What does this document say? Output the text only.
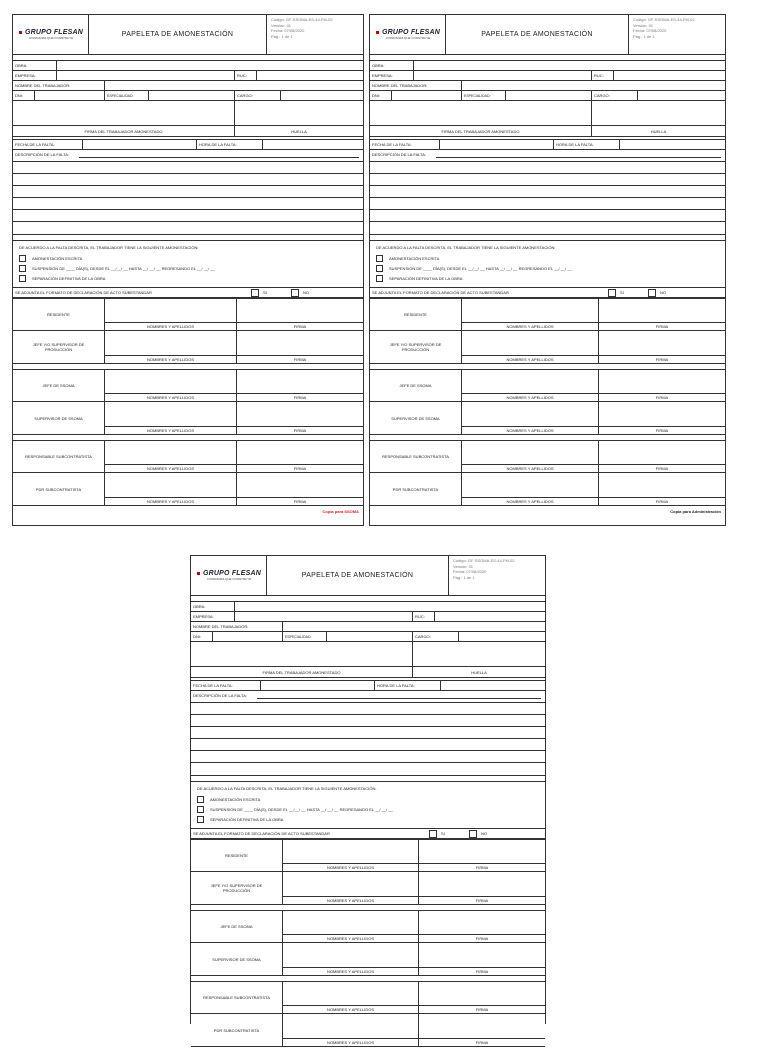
GRUPO FLESAN
CONFIANZA QUE CONSTRUYE	PAPELETA DE AMONESTACIÓN
Código: GF-SSOMA-ES-44-FM-02
Versión: 01
Fecha: 07/08/2020
Pág.: 1 de 1
OBRA:
EMPRESA:	RUC:
NOMBRE DEL TRABAJADOR:
DNI:	ESPECIALIDAD:	CARGO:
FIRMA DEL TRABAJADOR AMONESTADO	HUELLA
FECHA DE LA FALTA:	HORA DE LA FALTA:
DESCRIPCIÓN DE LA FALTA:
DE ACUERDO A LA FALTA DESCRITA, EL TRABAJADOR TIENE LA SIGUIENTE AMONESTACIÓN:
AMONESTACIÓN ESCRITA
SUSPENSIÓN DE ____ DÍA(S), DESDE EL __/__/ __ HASTA __/ __/ __ REGRESANDO EL __/ __/ __
SEPARACIÓN DEFINITIVA DE LA OBRA
SE ADJUNTA EL FORMATO DE DECLARACIÓN DE ACTO SUBESTANDAR	SI	NO
RESIDENTE
NOMBRES Y APELLIDOS	FIRMA
JEFE Y/O SUPERVISOR DE PRODUCCIÓN
NOMBRES Y APELLIDOS	FIRMA
JEFE DE SSOMA
NOMBRES Y APELLIDOS	FIRMA
SUPERVISOR DE SSOMA
NOMBRES Y APELLIDOS	FIRMA
RESPONSABLE SUBCONTRATISTA
NOMBRES Y APELLIDOS	FIRMA
PDR SUBCONTRATISTA
NOMBRES Y APELLIDOS	FIRMA
Copia para SSOMA
GRUPO FLESAN
CONFIANZA QUE CONSTRUYE	PAPELETA DE AMONESTACIÓN
Código: GF-SSOMA-ES-44-FM-02
Versión: 01
Fecha: 07/08/2020
Pág.: 1 de 1
OBRA:
EMPRESA:	RUC:
NOMBRE DEL TRABAJADOR:
DNI:	ESPECIALIDAD:	CARGO:
FIRMA DEL TRABAJADOR AMONESTADO	HUELLA
FECHA DE LA FALTA:	HORA DE LA FALTA:
DESCRIPCIÓN DE LA FALTA:
DE ACUERDO A LA FALTA DESCRITA, EL TRABAJADOR TIENE LA SIGUIENTE AMONESTACIÓN:
AMONESTACIÓN ESCRITA
SUSPENSIÓN DE ____ DÍA(S), DESDE EL __/__/ __ HASTA __/ __/ __ REGRESANDO EL __/ __/ __
SEPARACIÓN DEFINITIVA DE LA OBRA
SE ADJUNTA EL FORMATO DE DECLARACIÓN DE ACTO SUBESTANDAR	SI	NO
RESIDENTE
NOMBRES Y APELLIDOS	FIRMA
JEFE Y/O SUPERVISOR DE PRODUCCIÓN
NOMBRES Y APELLIDOS	FIRMA
JEFE DE SSOMA
NOMBRES Y APELLIDOS	FIRMA
SUPERVISOR DE SSOMA
NOMBRES Y APELLIDOS	FIRMA
RESPONSABLE SUBCONTRATISTA
NOMBRES Y APELLIDOS	FIRMA
PDR SUBCONTRATISTA
NOMBRES Y APELLIDOS	FIRMA
Copia para Administración
GRUPO FLESAN
CONFIANZA QUE CONSTRUYE	PAPELETA DE AMONESTACIÓN
Código: GF-SSOMA-ES-44-FM-02
Versión: 01
Fecha: 07/08/2020
Pág.: 1 de 1
OBRA:
EMPRESA:	RUC:
NOMBRE DEL TRABAJADOR:
DNI:	ESPECIALIDAD:	CARGO:
FIRMA DEL TRABAJADOR AMONESTADO	HUELLA
FECHA DE LA FALTA:	HORA DE LA FALTA:
DESCRIPCIÓN DE LA FALTA:
DE ACUERDO A LA FALTA DESCRITA, EL TRABAJADOR TIENE LA SIGUIENTE AMONESTACIÓN:
AMONESTACIÓN ESCRITA
SUSPENSIÓN DE ____ DÍA(S), DESDE EL __/__/ __ HASTA __/ __/ __ REGRESANDO EL __/ __/ __
SEPARACIÓN DEFINITIVA DE LA OBRA
SE ADJUNTA EL FORMATO DE DECLARACIÓN DE ACTO SUBESTANDAR	SI	NO
RESIDENTE
NOMBRES Y APELLIDOS	FIRMA
JEFE Y/O SUPERVISOR DE PRODUCCIÓN
NOMBRES Y APELLIDOS	FIRMA
JEFE DE SSOMA
NOMBRES Y APELLIDOS	FIRMA
SUPERVISOR DE SSOMA
NOMBRES Y APELLIDOS	FIRMA
RESPONSABLE SUBCONTRATISTA
NOMBRES Y APELLIDOS	FIRMA
PDR SUBCONTRATISTA
NOMBRES Y APELLIDOS	FIRMA
